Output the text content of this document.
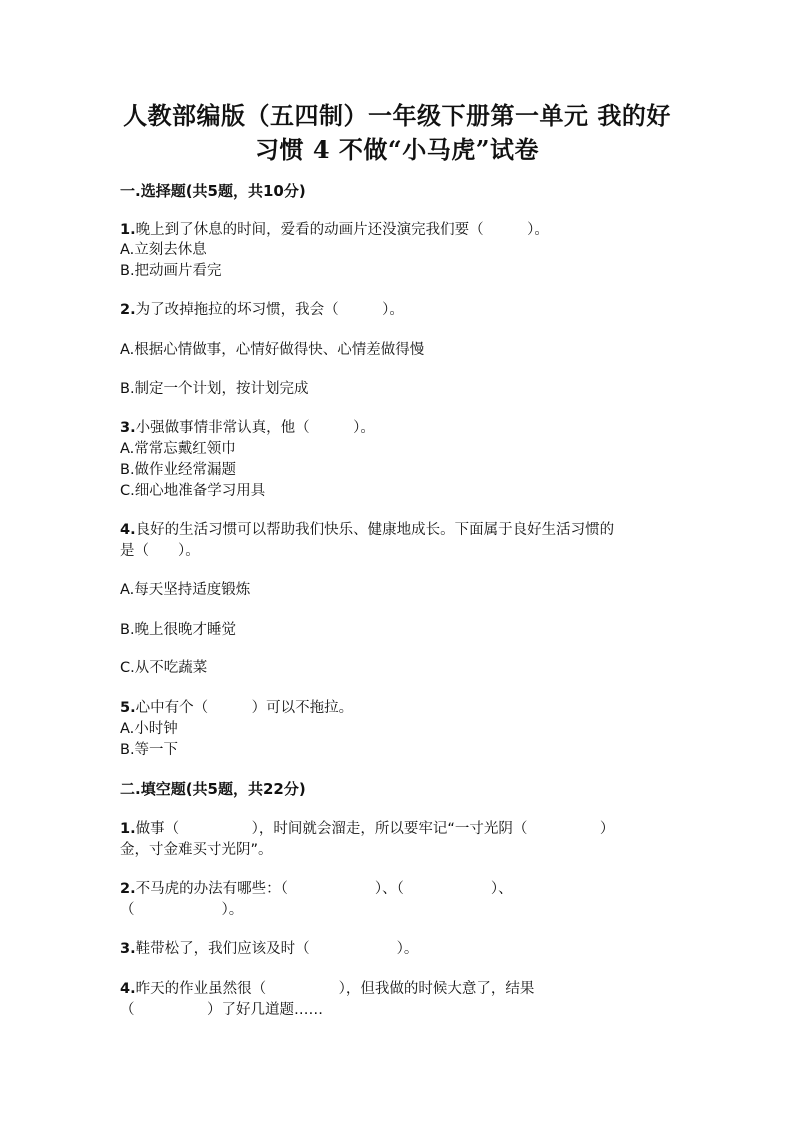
人教部编版（五四制）一年级下册第一单元 我的好
习惯 4 不做“小马虎”试卷
一.选择题(共5题，共10分)
1.晚上到了休息的时间，爱看的动画片还没演完我们要（　　　）。
A.立刻去休息
B.把动画片看完
2.为了改掉拖拉的坏习惯，我会（　　　）。
A.根据心情做事，心情好做得快、心情差做得慢
B.制定一个计划，按计划完成
3.小强做事情非常认真，他（　　　）。
A.常常忘戴红领巾
B.做作业经常漏题
C.细心地准备学习用具
4.良好的生活习惯可以帮助我们快乐、健康地成长。下面属于良好生活习惯的
是（　　）。
A.每天坚持适度锻炼
B.晚上很晚才睡觉
C.从不吃蔬菜
5.心中有个（　　　）可以不拖拉。
A.小时钟
B.等一下
二.填空题(共5题，共22分)
1.做事（　　　　　），时间就会溜走，所以要牢记“一寸光阴（　　　　　）
金，寸金难买寸光阴”。
2.不马虎的办法有哪些：（　　　　　　）、（　　　　　　）、
（　　　　　　）。
3.鞋带松了，我们应该及时（　　　　　　）。
4.昨天的作业虽然很（　　　　　），但我做的时候大意了，结果
（　　　　　）了好几道题……
